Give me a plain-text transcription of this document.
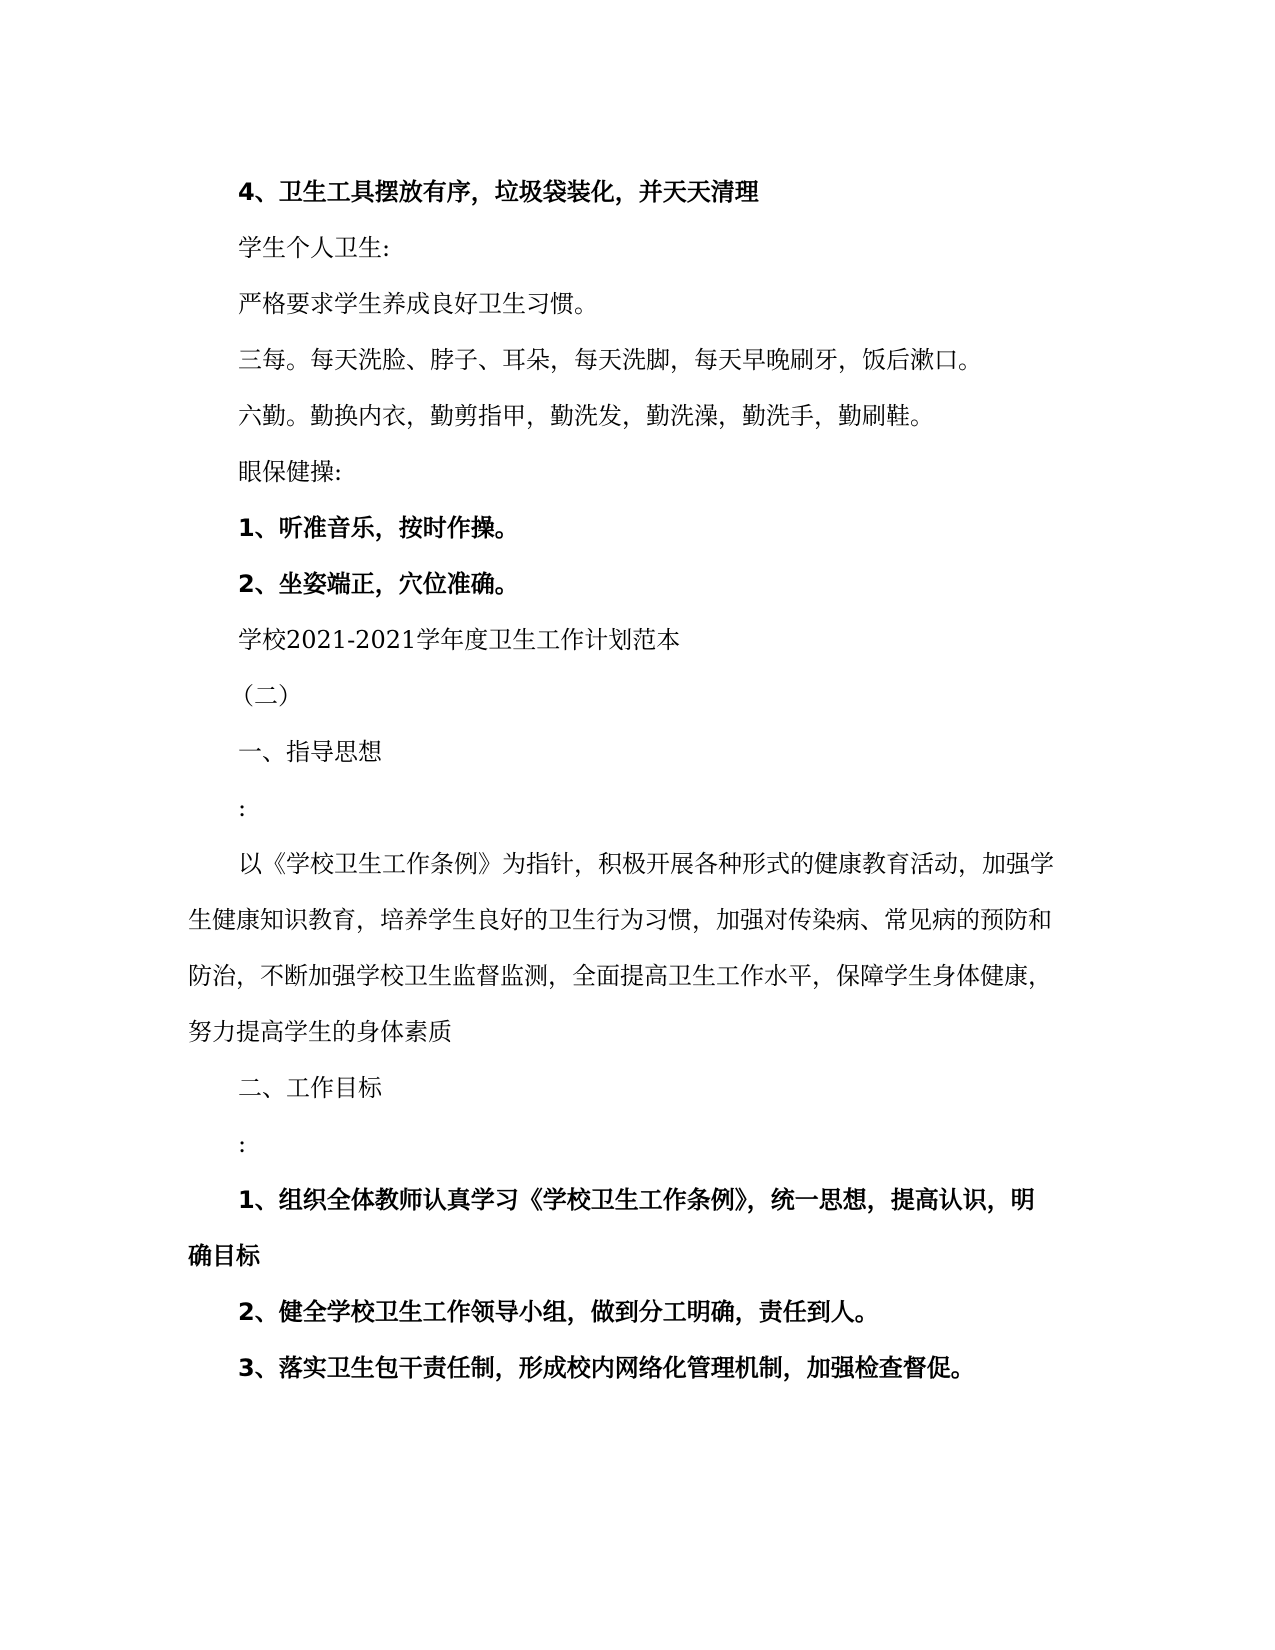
4、卫生工具摆放有序，垃圾袋装化，并天天清理

学生个人卫生:

严格要求学生养成良好卫生习惯。

三每。每天洗脸、脖子、耳朵，每天洗脚，每天早晚刷牙，饭后漱口。

六勤。勤换内衣，勤剪指甲，勤洗发，勤洗澡，勤洗手，勤刷鞋。

眼保健操:

1、听准音乐，按时作操。

2、坐姿端正，穴位准确。

学校2021-2021学年度卫生工作计划范本

（二）

一、指导思想

:

以《学校卫生工作条例》为指针，积极开展各种形式的健康教育活动，加强学

生健康知识教育，培养学生良好的卫生行为习惯，加强对传染病、常见病的预防和

防治，不断加强学校卫生监督监测，全面提高卫生工作水平，保障学生身体健康，

努力提高学生的身体素质

二、工作目标

:

1、组织全体教师认真学习《学校卫生工作条例》，统一思想，提高认识，明

确目标

2、健全学校卫生工作领导小组，做到分工明确，责任到人。

3、落实卫生包干责任制，形成校内网络化管理机制，加强检查督促。
